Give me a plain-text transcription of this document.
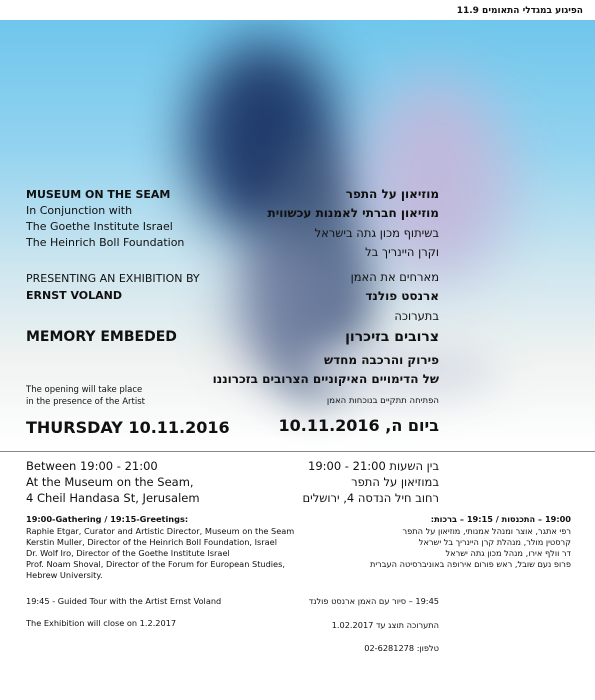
הפיגוע במגדלי התאומים 11.9
MUSEUM ON THE SEAM
In Conjunction with
The Goethe Institute Israel
The Heinrich Boll Foundation
PRESENTING AN EXHIBITION BY
ERNST VOLAND
MEMORY EMBEDED
The opening will take place
in the presence of the Artist
THURSDAY 10.11.2016
מוזיאון על התפר
מוזיאון חברתי לאמנות עכשווית
בשיתוף מכון גתה בישראל
וקרן היינריך בל
מארחים את האמן
ארנסט פולנד
בתערוכה
צרובים בזיכרון
פירוק והרכבה מחדש
של הדימויים האיקוניים הצרובים בזכרוננו
הפתיחה תתקיים בנוכחות האמן
ביום ה, 10.11.2016
Between 19:00 - 21:00
At the Museum on the Seam,
4 Cheil Handasa St, Jerusalem
19:00-Gathering / 19:15-Greetings:
Raphie Etgar, Curator and Artistic Director, Museum on the Seam
Kerstin Muller, Director of the Heinrich Boll Foundation, Israel
Dr. Wolf Iro, Director of the Goethe Institute Israel
Prof. Noam Shoval, Director of the Forum for European Studies,
Hebrew University.
19:45 - Guided Tour with the Artist Ernst Voland
The Exhibition will close on 1.2.2017
בין השעות 21:00 - 19:00
במוזיאון על התפר
רחוב חיל הנדסה 4, ירושלים
19:00 – התכנסות / 19:15 – ברכות:
רפי אתגר, אוצר ומנהל אמנותי, מוזיאון על התפר
קרסטין מולר, מנהלת קרן היינריך בל ישראל
דר וולף אירו, מנהל מכון גתה ישראל
פרופ נעם שובל, ראש פורום אירופה באוניברסיטה העברית
19:45 – סיור עם האמן ארנסט פולנד
התערוכה תוצג עד 1.02.2017
טלפון: 02-6281278
